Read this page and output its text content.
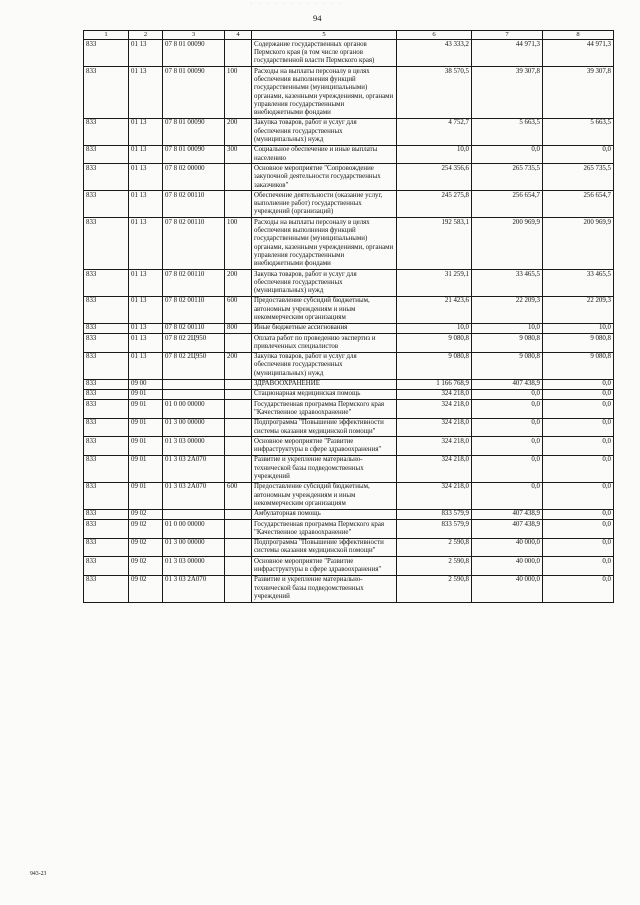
· · · · · · · · · · · ·
94
943-23
1	2	3	4	5	6	7	8
833	01 13	07 8 01 00090		Содержание государственных органов Пермского края (в том числе органов государственной власти Пермского края)	43 333,2	44 971,3	44 971,3
833	01 13	07 8 01 00090	100	Расходы на выплаты персоналу в целях обеспечения выполнения функций государственными (муниципальными) органами, казенными учреждениями, органами управления государственными внебюджетными фондами	38 570,5	39 307,8	39 307,8
833	01 13	07 8 01 00090	200	Закупка товаров, работ и услуг для обеспечения государственных (муниципальных) нужд	4 752,7	5 663,5	5 663,5
833	01 13	07 8 01 00090	300	Социальное обеспечение и иные выплаты населению	10,0	0,0	0,0
833	01 13	07 8 02 00000		Основное мероприятие "Сопровождение закупочной деятельности государственных заказчиков"	254 356,6	265 735,5	265 735,5
833	01 13	07 8 02 00110		Обеспечение деятельности (оказание услуг, выполнение работ) государственных учреждений (организаций)	245 275,8	256 654,7	256 654,7
833	01 13	07 8 02 00110	100	Расходы на выплаты персоналу в целях обеспечения выполнения функций государственными (муниципальными) органами, казенными учреждениями, органами управления государственными внебюджетными фондами	192 583,1	200 969,9	200 969,9
833	01 13	07 8 02 00110	200	Закупка товаров, работ и услуг для обеспечения государственных (муниципальных) нужд	31 259,1	33 465,5	33 465,5
833	01 13	07 8 02 00110	600	Предоставление субсидий бюджетным, автономным учреждениям и иным некоммерческим организациям	21 423,6	22 209,3	22 209,3
833	01 13	07 8 02 00110	800	Иные бюджетные ассигнования	10,0	10,0	10,0
833	01 13	07 8 02 2Ц950		Оплата работ по проведению экспертиз и привлеченных специалистов	9 080,8	9 080,8	9 080,8
833	01 13	07 8 02 2Ц950	200	Закупка товаров, работ и услуг для обеспечения государственных (муниципальных) нужд	9 080,8	9 080,8	9 080,8
833	09 00			ЗДРАВООХРАНЕНИЕ	1 166 768,9	407 438,9	0,0
833	09 01			Стационарная медицинская помощь	324 218,0	0,0	0,0
833	09 01	01 0 00 00000		Государственная программа Пермского края "Качественное здравоохранение"	324 218,0	0,0	0,0
833	09 01	01 3 00 00000		Подпрограмма "Повышение эффективности системы оказания медицинской помощи"	324 218,0	0,0	0,0
833	09 01	01 3 03 00000		Основное мероприятие "Развитие инфраструктуры в сфере здравоохранения"	324 218,0	0,0	0,0
833	09 01	01 3 03 2А070		Развитие и укрепление материально-технической базы подведомственных учреждений	324 218,0	0,0	0,0
833	09 01	01 3 03 2А070	600	Предоставление субсидий бюджетным, автономным учреждениям и иным некоммерческим организациям	324 218,0	0,0	0,0
833	09 02			Амбулаторная помощь	833 579,9	407 438,9	0,0
833	09 02	01 0 00 00000		Государственная программа Пермского края "Качественное здравоохранение"	833 579,9	407 438,9	0,0
833	09 02	01 3 00 00000		Подпрограмма "Повышение эффективности системы оказания медицинской помощи"	2 590,8	40 000,0	0,0
833	09 02	01 3 03 00000		Основное мероприятие "Развитие инфраструктуры в сфере здравоохранения"	2 590,8	40 000,0	0,0
833	09 02	01 3 03 2А070		Развитие и укрепление материально-технической базы подведомственных учреждений	2 590,8	40 000,0	0,0
